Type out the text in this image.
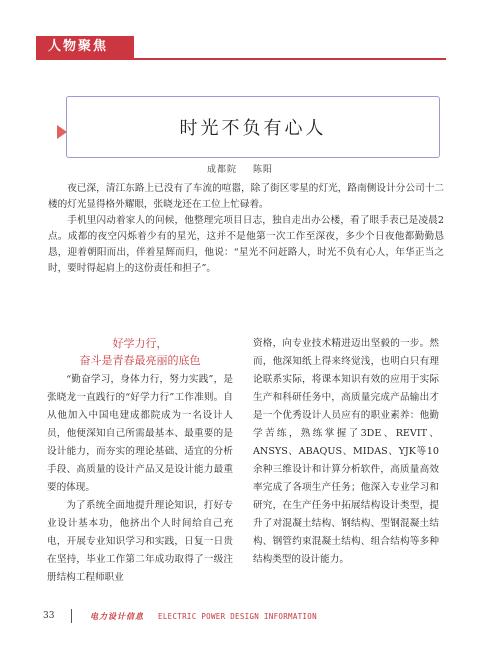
人物聚焦
时光不负有心人
成都院 陈阳

夜已深，清江东路上已没有了车流的喧嚣，除了街区零星的灯光，路南侧设计分公司十二楼的灯光显得格外耀眼，张晓龙还在工位上忙碌着。

手机里闪动着家人的问候，他整理完项目日志，独自走出办公楼，看了眼手表已是凌晨2点。成都的夜空闪烁着少有的星光，这并不是他第一次工作至深夜，多少个日夜他都勤勤恳恳，迎着朝阳而出，伴着星辉而归，他说：“星光不问赶路人，时光不负有心人，年华正当之时，要时得起肩上的这份责任和担子”。

好学力行，

奋斗是青春最亮丽的底色

“勤奋学习，身体力行，努力实践”，是张晓龙一直践行的“好学力行”工作准则。自从他加入中国电建成都院成为一名设计人员，他便深知自己所需最基本、最重要的是设计能力，而夯实的理论基础、适宜的分析手段、高质量的设计产品又是设计能力最重要的体现。

为了系统全面地提升理论知识，打好专业设计基本功，他挤出个人时间给自己充电，开展专业知识学习和实践，日复一日贵在坚持，毕业工作第二年成功取得了一级注册结构工程师职业

资格，向专业技术精进迈出坚毅的一步。然而，他深知纸上得来终觉浅，也明白只有理论联系实际，将课本知识有效的应用于实际生产和科研任务中，高质量完成产品输出才是一个优秀设计人员应有的职业素养：他勤学苦练，熟练掌握了3DE、REVIT、ANSYS、ABAQUS、MIDAS、YJK等10余种三维设计和计算分析软件，高质量高效率完成了各项生产任务；他深入专业学习和研究，在生产任务中拓展结构设计类型，提升了对混凝土结构、钢结构、型钢混凝土结构、钢管约束混凝土结构、组合结构等多种结构类型的设计能力。

33	电力设计信息 ELECTRIC POWER DESIGN INFORMATION
